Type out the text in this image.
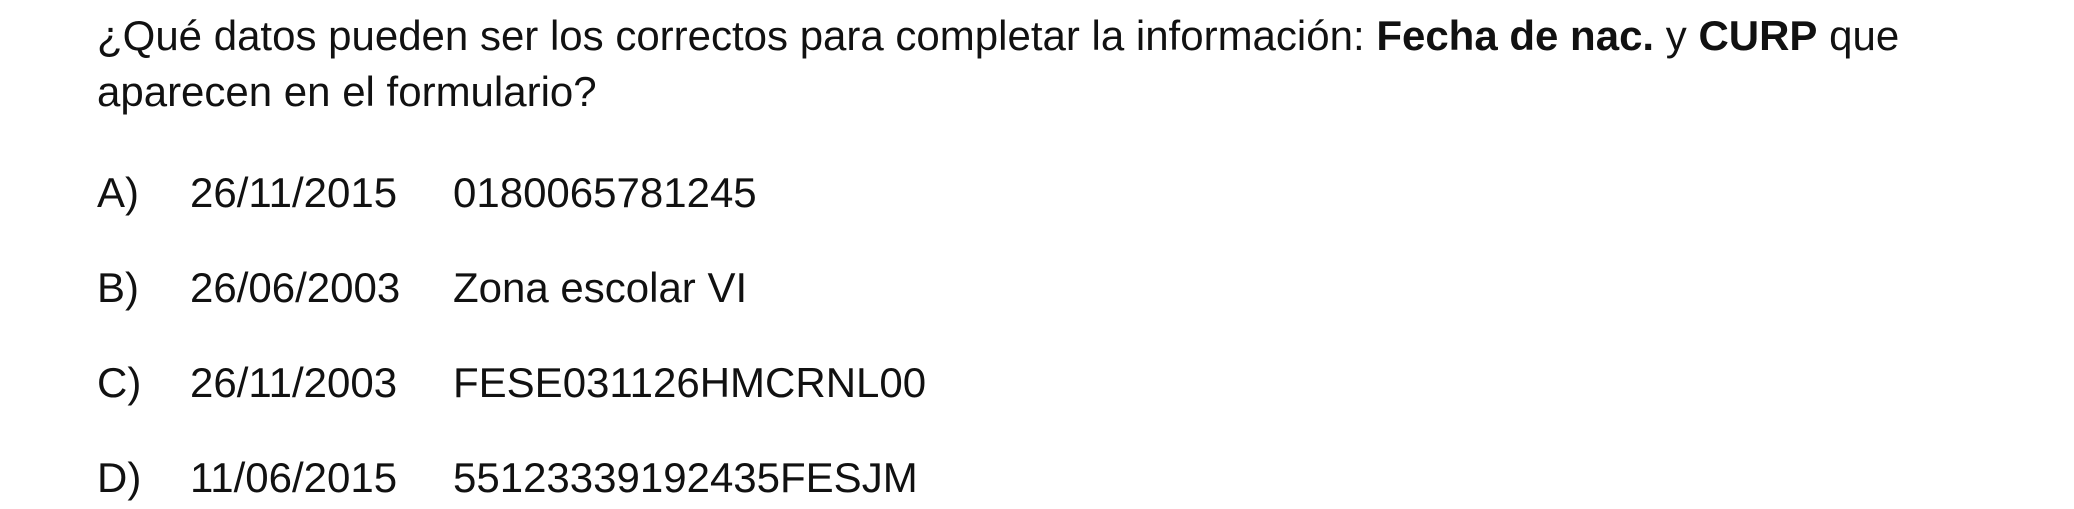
¿Qué datos pueden ser los correctos para completar la información: Fecha de nac. y CURP que aparecen en el formulario?
A) 26/11/2015 0180065781245
B) 26/06/2003 Zona escolar VI
C) 26/11/2003 FESE031126HMCRNL00
D) 11/06/2015 55123339192435FESJM
